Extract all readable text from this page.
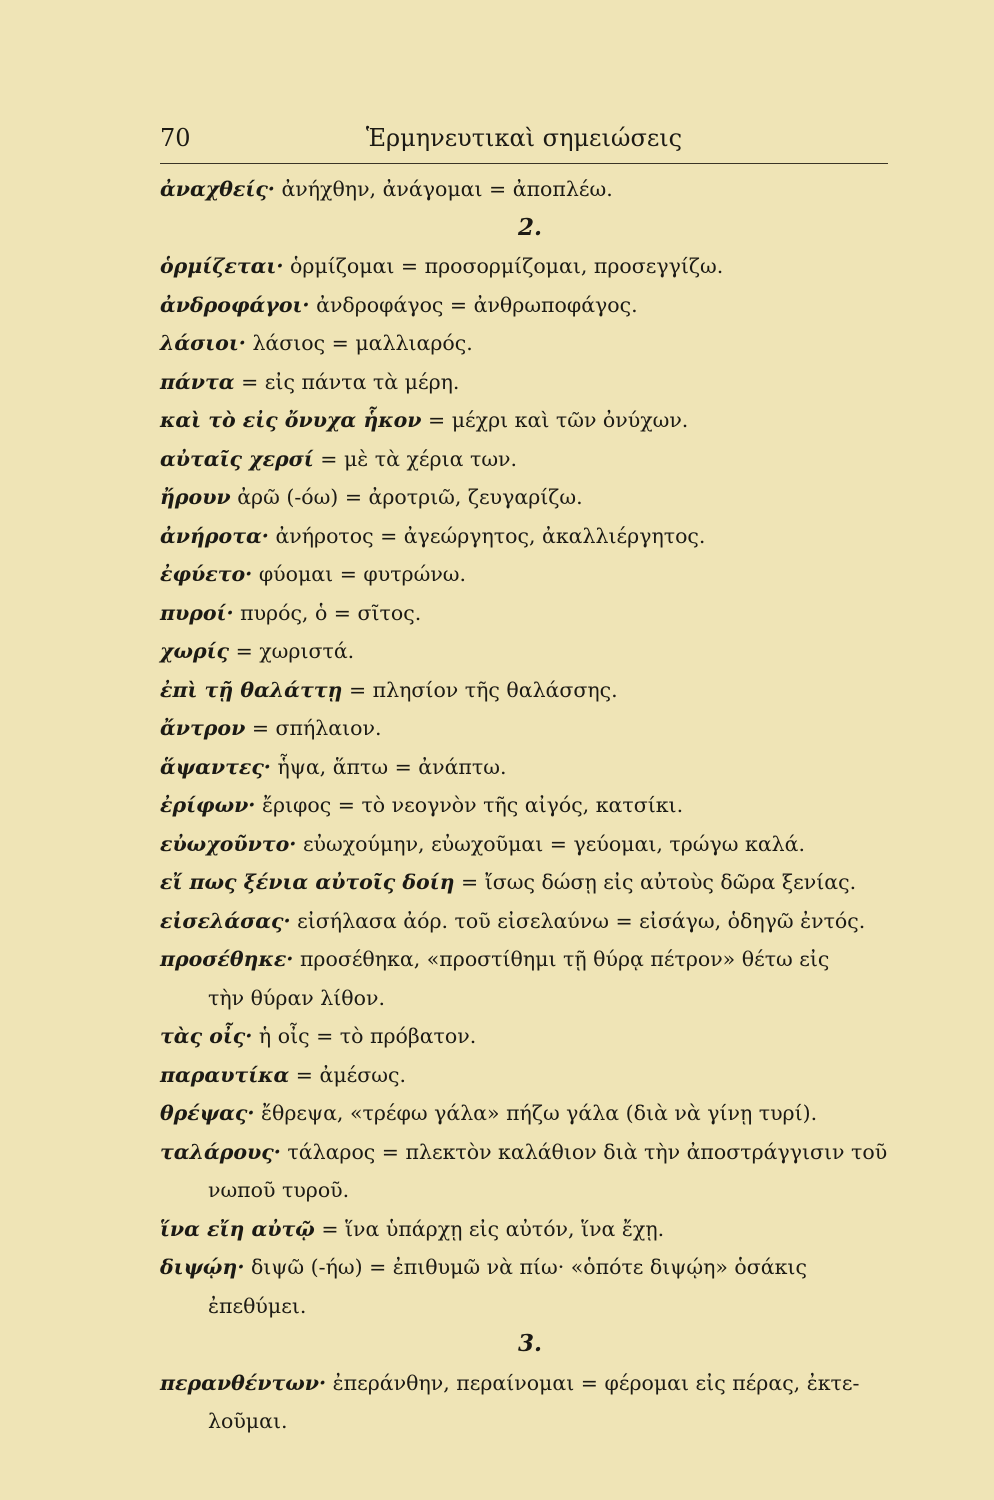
70	Ἑρμηνευτικαὶ σημειώσεις
ἀναχθείς· ἀνήχθην, ἀνάγομαι = ἀποπλέω.
2.
ὁρμίζεται· ὁρμίζομαι = προσορμίζομαι, προσεγγίζω.
ἀνδροφάγοι· ἀνδροφάγος = ἀνθρωποφάγος.
λάσιοι· λάσιος = μαλλιαρός.
πάντα = εἰς πάντα τὰ μέρη.
καὶ τὸ εἰς ὄνυχα ἧκον = μέχρι καὶ τῶν ὀνύχων.
αὐταῖς χερσί = μὲ τὰ χέρια των.
ἤρουν ἀρῶ (-όω) = ἀροτριῶ, ζευγαρίζω.
ἀνήροτα· ἀνήροτος = ἀγεώργητος, ἀκαλλιέργητος.
ἐφύετο· φύομαι = φυτρώνω.
πυροί· πυρός, ὁ = σῖτος.
χωρίς = χωριστά.
ἐπὶ τῇ θαλάττῃ = πλησίον τῆς θαλάσσης.
ἄντρον = σπήλαιον.
ἅψαντες· ἧψα, ἅπτω = ἀνάπτω.
ἐρίφων· ἔριφος = τὸ νεογνὸν τῆς αἰγός, κατσίκι.
εὐωχοῦντο· εὐωχούμην, εὐωχοῦμαι = γεύομαι, τρώγω καλά.
εἴ πως ξένια αὐτοῖς δοίη = ἴσως δώσῃ εἰς αὐτοὺς δῶρα ξενίας.
εἰσελάσας· εἰσήλασα ἀόρ. τοῦ εἰσελαύνω = εἰσάγω, ὁδηγῶ ἐντός.
προσέθηκε· προσέθηκα, «προστίθημι τῇ θύρᾳ πέτρον» θέτω εἰς
τὴν θύραν λίθον.
τὰς οἶς· ἡ οἶς = τὸ πρόβατον.
παραυτίκα = ἀμέσως.
θρέψας· ἔθρεψα, «τρέφω γάλα» πήζω γάλα (διὰ νὰ γίνῃ τυρί).
ταλάρους· τάλαρος = πλεκτὸν καλάθιον διὰ τὴν ἀποστράγγισιν τοῦ
νωποῦ τυροῦ.
ἵνα εἴη αὐτῷ = ἵνα ὑπάρχῃ εἰς αὐτόν, ἵνα ἔχῃ.
διψῴη· διψῶ (-ήω) = ἐπιθυμῶ νὰ πίω· «ὁπότε διψῴη» ὁσάκις
ἐπεθύμει.
3.
περανθέντων· ἐπεράνθην, περαίνομαι = φέρομαι εἰς πέρας, ἐκτε-
λοῦμαι.
